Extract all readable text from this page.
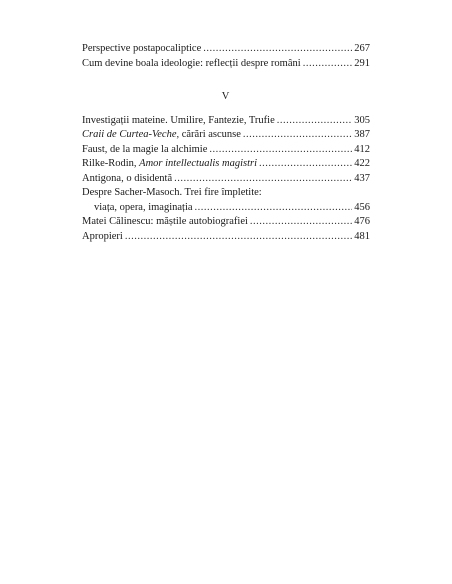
Perspective postapocaliptice .....	267
Cum devine boala ideologie: reflecții despre români .....	291
V
Investigații mateine. Umilire, Fantezie, Trufie .....	305
Craii de Curtea-Veche, cărări ascunse .....	387
Faust, de la magie la alchimie .....	412
Rilke-Rodin, Amor intellectualis magistri .....	422
Antigona, o disidentă .....	437
Despre Sacher-Masoch. Trei fire împletite:
viața, opera, imaginația .....	456
Matei Călinescu: măștile autobiografiei .....	476
Apropieri .....	481
